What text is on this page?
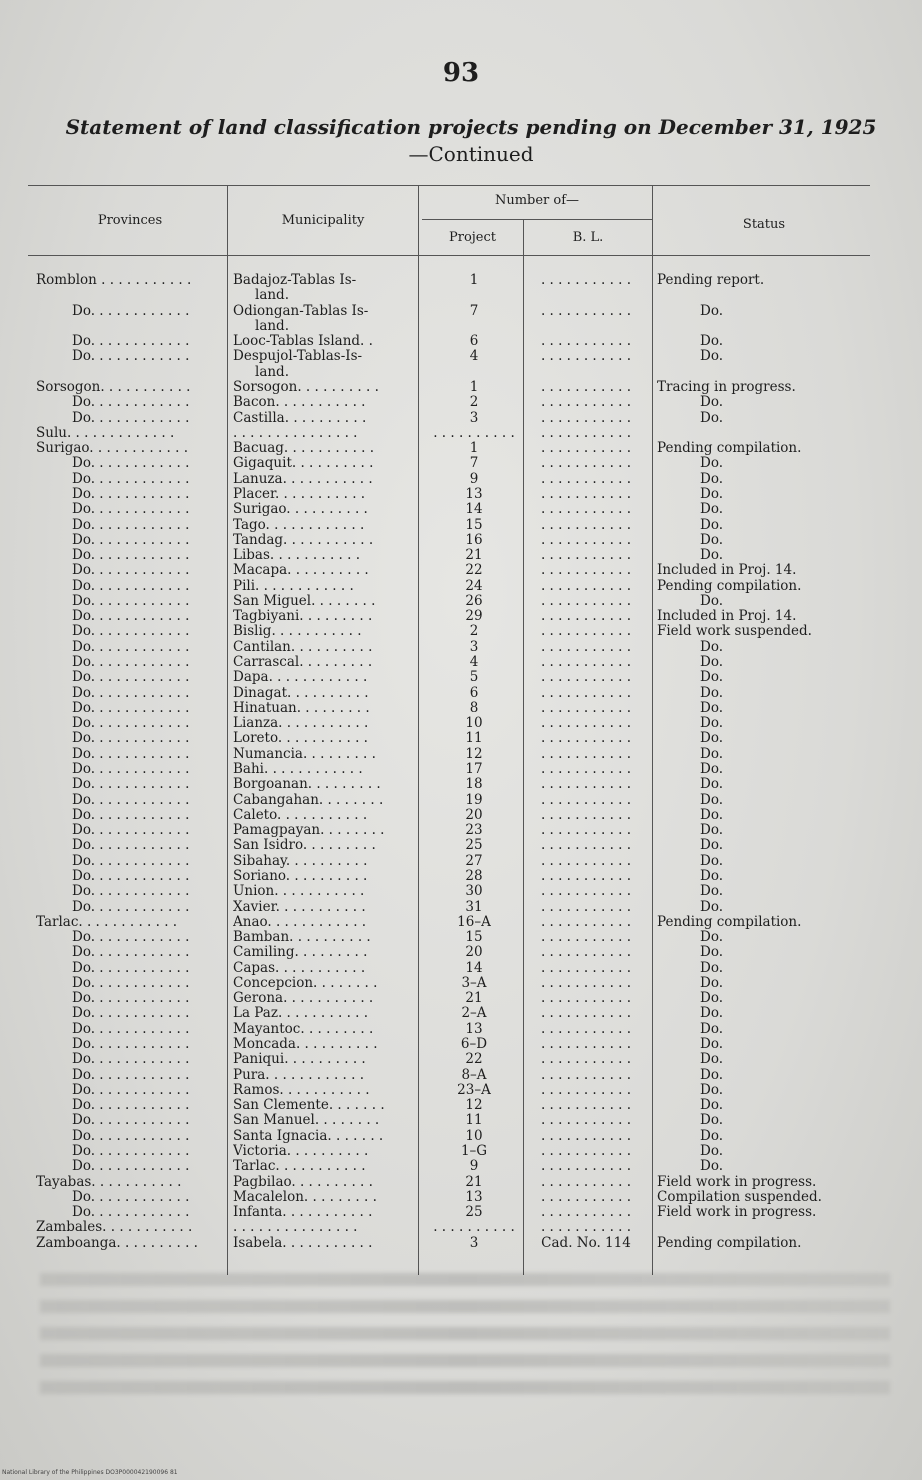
93
Statement of land classification projects pending on December 31, 1925—Continued
Provinces	Municipality
Number of—
Project	B. L.
Status
Romblon . . . . . . . . . . .	Badajoz-Tablas Is-	1	. . . . . . . . . . .	Pending report.
land.
Do. . . . . . . . . . . .	Odiongan-Tablas Is-	7	. . . . . . . . . . .	Do.
land.
Do. . . . . . . . . . . .	Looc-Tablas Island. .	6	. . . . . . . . . . .	Do.
Do. . . . . . . . . . . .	Despujol-Tablas-Is-	4	. . . . . . . . . . .	Do.
land.
Sorsogon. . . . . . . . . . .	Sorsogon. . . . . . . . . .	1	. . . . . . . . . . .	Tracing in progress.
Do. . . . . . . . . . . .	Bacon. . . . . . . . . . .	2	. . . . . . . . . . .	Do.
Do. . . . . . . . . . . .	Castilla. . . . . . . . . .	3	. . . . . . . . . . .	Do.
Sulu. . . . . . . . . . . . .	. . . . . . . . . . . . . . .	. . . . . . . . . .	. . . . . . . . . . .
Surigao. . . . . . . . . . . .	Bacuag. . . . . . . . . . .	1	. . . . . . . . . . .	Pending compilation.
Do. . . . . . . . . . . .	Gigaquit. . . . . . . . . .	7	. . . . . . . . . . .	Do.
Do. . . . . . . . . . . .	Lanuza. . . . . . . . . . .	9	. . . . . . . . . . .	Do.
Do. . . . . . . . . . . .	Placer. . . . . . . . . . .	13	. . . . . . . . . . .	Do.
Do. . . . . . . . . . . .	Surigao. . . . . . . . . .	14	. . . . . . . . . . .	Do.
Do. . . . . . . . . . . .	Tago. . . . . . . . . . . .	15	. . . . . . . . . . .	Do.
Do. . . . . . . . . . . .	Tandag. . . . . . . . . . .	16	. . . . . . . . . . .	Do.
Do. . . . . . . . . . . .	Libas. . . . . . . . . . .	21	. . . . . . . . . . .	Do.
Do. . . . . . . . . . . .	Macapa. . . . . . . . . .	22	. . . . . . . . . . .	Included in Proj. 14.
Do. . . . . . . . . . . .	Pili. . . . . . . . . . . .	24	. . . . . . . . . . .	Pending compilation.
Do. . . . . . . . . . . .	San Miguel. . . . . . . .	26	. . . . . . . . . . .	Do.
Do. . . . . . . . . . . .	Tagbiyani. . . . . . . . .	29	. . . . . . . . . . .	Included in Proj. 14.
Do. . . . . . . . . . . .	Bislig. . . . . . . . . . .	2	. . . . . . . . . . .	Field work suspended.
Do. . . . . . . . . . . .	Cantilan. . . . . . . . . .	3	. . . . . . . . . . .	Do.
Do. . . . . . . . . . . .	Carrascal. . . . . . . . .	4	. . . . . . . . . . .	Do.
Do. . . . . . . . . . . .	Dapa. . . . . . . . . . . .	5	. . . . . . . . . . .	Do.
Do. . . . . . . . . . . .	Dinagat. . . . . . . . . .	6	. . . . . . . . . . .	Do.
Do. . . . . . . . . . . .	Hinatuan. . . . . . . . .	8	. . . . . . . . . . .	Do.
Do. . . . . . . . . . . .	Lianza. . . . . . . . . . .	10	. . . . . . . . . . .	Do.
Do. . . . . . . . . . . .	Loreto. . . . . . . . . . .	11	. . . . . . . . . . .	Do.
Do. . . . . . . . . . . .	Numancia. . . . . . . . .	12	. . . . . . . . . . .	Do.
Do. . . . . . . . . . . .	Bahi. . . . . . . . . . . .	17	. . . . . . . . . . .	Do.
Do. . . . . . . . . . . .	Borgoanan. . . . . . . . .	18	. . . . . . . . . . .	Do.
Do. . . . . . . . . . . .	Cabangahan. . . . . . . .	19	. . . . . . . . . . .	Do.
Do. . . . . . . . . . . .	Caleto. . . . . . . . . . .	20	. . . . . . . . . . .	Do.
Do. . . . . . . . . . . .	Pamagpayan. . . . . . . .	23	. . . . . . . . . . .	Do.
Do. . . . . . . . . . . .	San Isidro. . . . . . . . .	25	. . . . . . . . . . .	Do.
Do. . . . . . . . . . . .	Sibahay. . . . . . . . . .	27	. . . . . . . . . . .	Do.
Do. . . . . . . . . . . .	Soriano. . . . . . . . . .	28	. . . . . . . . . . .	Do.
Do. . . . . . . . . . . .	Union. . . . . . . . . . .	30	. . . . . . . . . . .	Do.
Do. . . . . . . . . . . .	Xavier. . . . . . . . . . .	31	. . . . . . . . . . .	Do.
Tarlac. . . . . . . . . . . .	Anao. . . . . . . . . . . .	16–A	. . . . . . . . . . .	Pending compilation.
Do. . . . . . . . . . . .	Bamban. . . . . . . . . .	15	. . . . . . . . . . .	Do.
Do. . . . . . . . . . . .	Camiling. . . . . . . . .	20	. . . . . . . . . . .	Do.
Do. . . . . . . . . . . .	Capas. . . . . . . . . . .	14	. . . . . . . . . . .	Do.
Do. . . . . . . . . . . .	Concepcion. . . . . . . .	3–A	. . . . . . . . . . .	Do.
Do. . . . . . . . . . . .	Gerona. . . . . . . . . . .	21	. . . . . . . . . . .	Do.
Do. . . . . . . . . . . .	La Paz. . . . . . . . . . .	2–A	. . . . . . . . . . .	Do.
Do. . . . . . . . . . . .	Mayantoc. . . . . . . . .	13	. . . . . . . . . . .	Do.
Do. . . . . . . . . . . .	Moncada. . . . . . . . . .	6–D	. . . . . . . . . . .	Do.
Do. . . . . . . . . . . .	Paniqui. . . . . . . . . .	22	. . . . . . . . . . .	Do.
Do. . . . . . . . . . . .	Pura. . . . . . . . . . . .	8–A	. . . . . . . . . . .	Do.
Do. . . . . . . . . . . .	Ramos. . . . . . . . . . .	23–A	. . . . . . . . . . .	Do.
Do. . . . . . . . . . . .	San Clemente. . . . . . .	12	. . . . . . . . . . .	Do.
Do. . . . . . . . . . . .	San Manuel. . . . . . . .	11	. . . . . . . . . . .	Do.
Do. . . . . . . . . . . .	Santa Ignacia. . . . . . .	10	. . . . . . . . . . .	Do.
Do. . . . . . . . . . . .	Victoria. . . . . . . . . .	1–G	. . . . . . . . . . .	Do.
Do. . . . . . . . . . . .	Tarlac. . . . . . . . . . .	9	. . . . . . . . . . .	Do.
Tayabas. . . . . . . . . . .	Pagbilao. . . . . . . . . .	21	. . . . . . . . . . .	Field work in progress.
Do. . . . . . . . . . . .	Macalelon. . . . . . . . .	13	. . . . . . . . . . .	Compilation suspended.
Do. . . . . . . . . . . .	Infanta. . . . . . . . . . .	25	. . . . . . . . . . .	Field work in progress.
Zambales. . . . . . . . . . .	. . . . . . . . . . . . . . .	. . . . . . . . . .	. . . . . . . . . . .
Zamboanga. . . . . . . . . .	Isabela. . . . . . . . . . .	3	Cad. No. 114	Pending compilation.
National Library of the Philippines DO3P000042190096 81
